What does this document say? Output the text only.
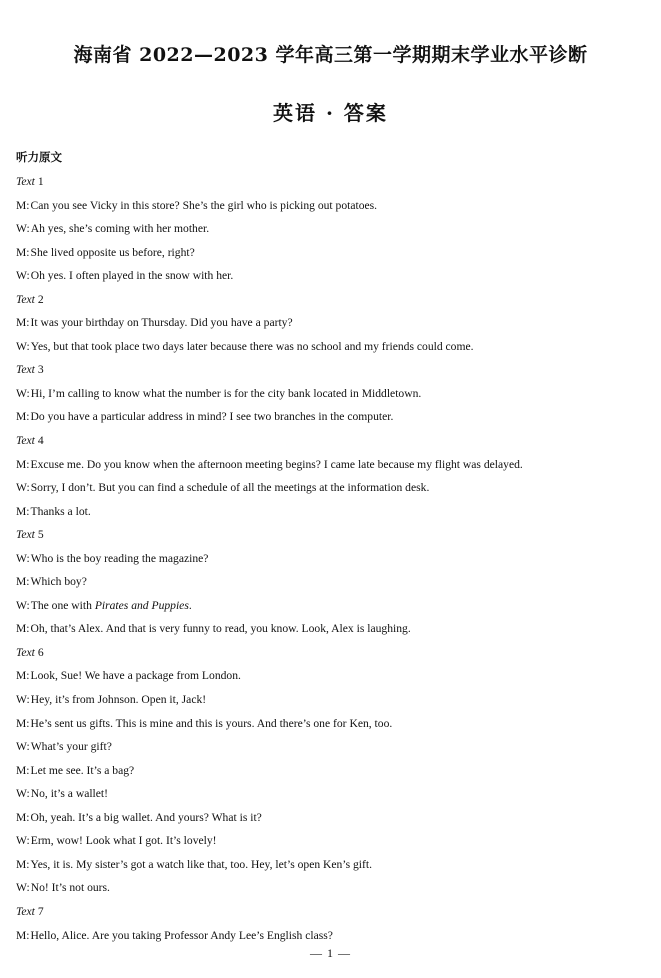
海南省 2022—2023 学年高三第一学期期末学业水平诊断
英语 · 答案
听力原文
Text 1
M:Can you see Vicky in this store? She’s the girl who is picking out potatoes.
W:Ah yes, she’s coming with her mother.
M:She lived opposite us before, right?
W:Oh yes. I often played in the snow with her.
Text 2
M:It was your birthday on Thursday. Did you have a party?
W:Yes, but that took place two days later because there was no school and my friends could come.
Text 3
W:Hi, I’m calling to know what the number is for the city bank located in Middletown.
M:Do you have a particular address in mind? I see two branches in the computer.
Text 4
M:Excuse me. Do you know when the afternoon meeting begins? I came late because my flight was delayed.
W:Sorry, I don’t. But you can find a schedule of all the meetings at the information desk.
M:Thanks a lot.
Text 5
W:Who is the boy reading the magazine?
M:Which boy?
W:The one with Pirates and Puppies.
M:Oh, that’s Alex. And that is very funny to read, you know. Look, Alex is laughing.
Text 6
M:Look, Sue! We have a package from London.
W:Hey, it’s from Johnson. Open it, Jack!
M:He’s sent us gifts. This is mine and this is yours. And there’s one for Ken, too.
W:What’s your gift?
M:Let me see. It’s a bag?
W:No, it’s a wallet!
M:Oh, yeah. It’s a big wallet. And yours? What is it?
W:Erm, wow! Look what I got. It’s lovely!
M:Yes, it is. My sister’s got a watch like that, too. Hey, let’s open Ken’s gift.
W:No! It’s not ours.
Text 7
M:Hello, Alice. Are you taking Professor Andy Lee’s English class?
— 1 —
